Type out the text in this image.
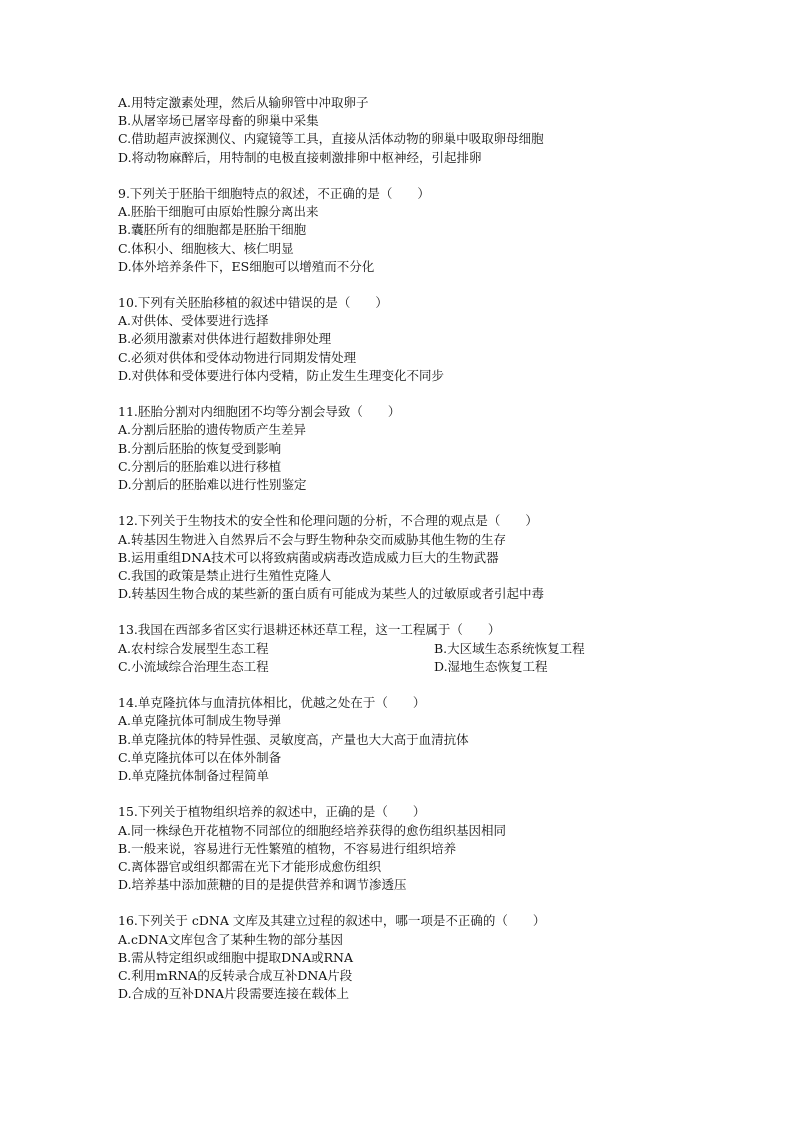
A.用特定激素处理，然后从输卵管中冲取卵子
B.从屠宰场已屠宰母畜的卵巢中采集
C.借助超声波探测仪、内窥镜等工具，直接从活体动物的卵巢中吸取卵母细胞
D.将动物麻醉后，用特制的电极直接刺激排卵中枢神经，引起排卵
9.下列关于胚胎干细胞特点的叙述，不正确的是（　　）
A.胚胎干细胞可由原始性腺分离出来
B.囊胚所有的细胞都是胚胎干细胞
C.体积小、细胞核大、核仁明显
D.体外培养条件下，ES细胞可以增殖而不分化
10.下列有关胚胎移植的叙述中错误的是（　　）
A.对供体、受体要进行选择
B.必须用激素对供体进行超数排卵处理
C.必须对供体和受体动物进行同期发情处理
D.对供体和受体要进行体内受精，防止发生生理变化不同步
11.胚胎分割对内细胞团不均等分割会导致（　　）
A.分割后胚胎的遗传物质产生差异
B.分割后胚胎的恢复受到影响
C.分割后的胚胎难以进行移植
D.分割后的胚胎难以进行性别鉴定
12.下列关于生物技术的安全性和伦理问题的分析，不合理的观点是（　　）
A.转基因生物进入自然界后不会与野生物种杂交而威胁其他生物的生存
B.运用重组DNA技术可以将致病菌或病毒改造成威力巨大的生物武器
C.我国的政策是禁止进行生殖性克隆人
D.转基因生物合成的某些新的蛋白质有可能成为某些人的过敏原或者引起中毒
13.我国在西部多省区实行退耕还林还草工程，这一工程属于（　　）
A.农村综合发展型生态工程	B.大区域生态系统恢复工程
C.小流域综合治理生态工程	D.湿地生态恢复工程
14.单克隆抗体与血清抗体相比，优越之处在于（　　）
A.单克隆抗体可制成生物导弹
B.单克隆抗体的特异性强、灵敏度高，产量也大大高于血清抗体
C.单克隆抗体可以在体外制备
D.单克隆抗体制备过程简单
15.下列关于植物组织培养的叙述中，正确的是（　　）
A.同一株绿色开花植物不同部位的细胞经培养获得的愈伤组织基因相同
B.一般来说，容易进行无性繁殖的植物，不容易进行组织培养
C.离体器官或组织都需在光下才能形成愈伤组织
D.培养基中添加蔗糖的目的是提供营养和调节渗透压
16.下列关于 cDNA 文库及其建立过程的叙述中，哪一项是不正确的（　　）
A.cDNA文库包含了某种生物的部分基因
B.需从特定组织或细胞中提取DNA或RNA
C.利用mRNA的反转录合成互补DNA片段
D.合成的互补DNA片段需要连接在载体上
